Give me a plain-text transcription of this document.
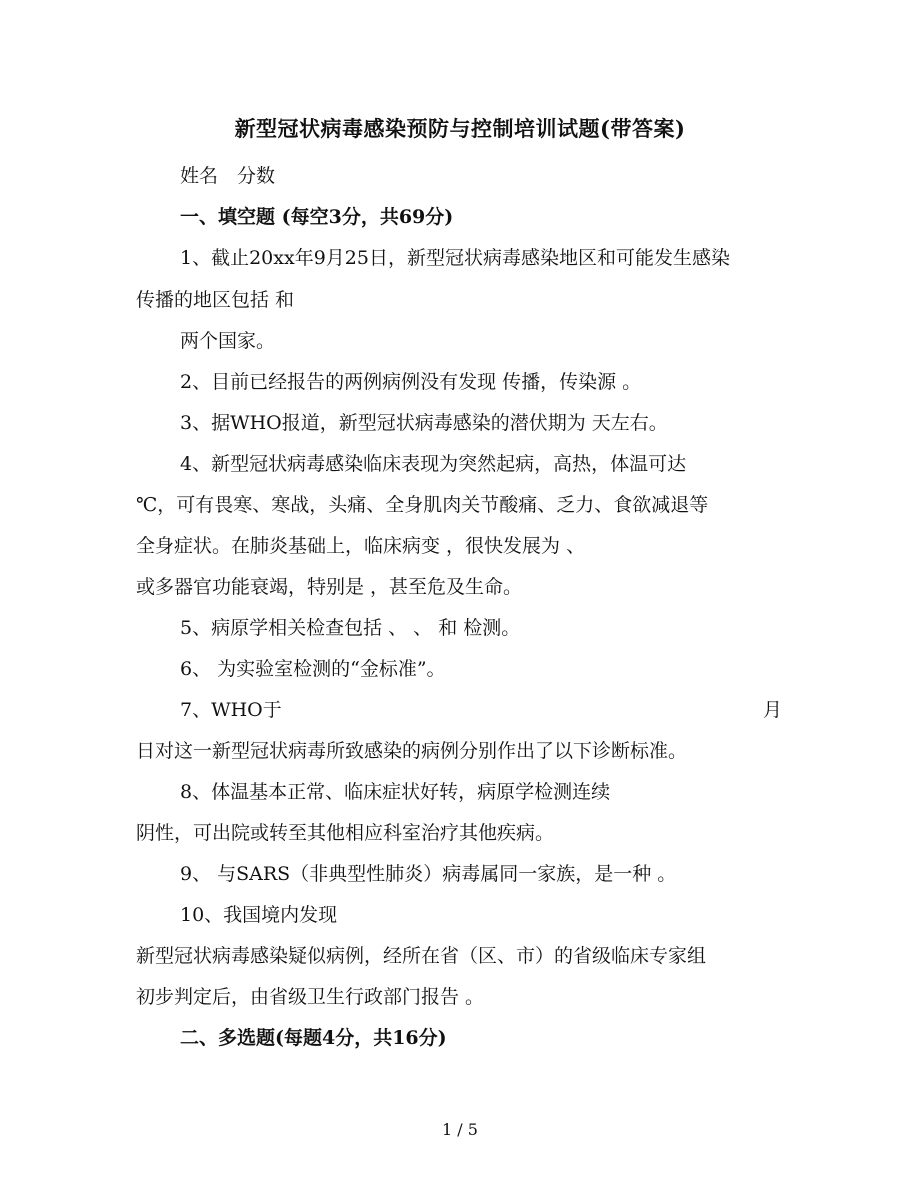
新型冠状病毒感染预防与控制培训试题(带答案)
姓名　分数
一、填空题 (每空3分，共69分)
1、截止20xx年9月25日，新型冠状病毒感染地区和可能发生感染
传播的地区包括 和
两个国家。
2、目前已经报告的两例病例没有发现 传播，传染源 。
3、据WHO报道，新型冠状病毒感染的潜伏期为 天左右。
4、新型冠状病毒感染临床表现为突然起病，高热，体温可达
℃，可有畏寒、寒战，头痛、全身肌肉关节酸痛、乏力、食欲减退等
全身症状。在肺炎基础上，临床病变 ，很快发展为 、
或多器官功能衰竭，特别是 ，甚至危及生命。
5、病原学相关检查包括 、 、 和 检测。
6、 为实验室检测的“金标准”。
7、WHO于	月
日对这一新型冠状病毒所致感染的病例分别作出了以下诊断标准。
8、体温基本正常、临床症状好转，病原学检测连续
阴性，可出院或转至其他相应科室治疗其他疾病。
9、 与SARS（非典型性肺炎）病毒属同一家族，是一种 。
10、我国境内发现
新型冠状病毒感染疑似病例，经所在省（区、市）的省级临床专家组
初步判定后，由省级卫生行政部门报告 。
二、多选题(每题4分，共16分)
1 / 5
